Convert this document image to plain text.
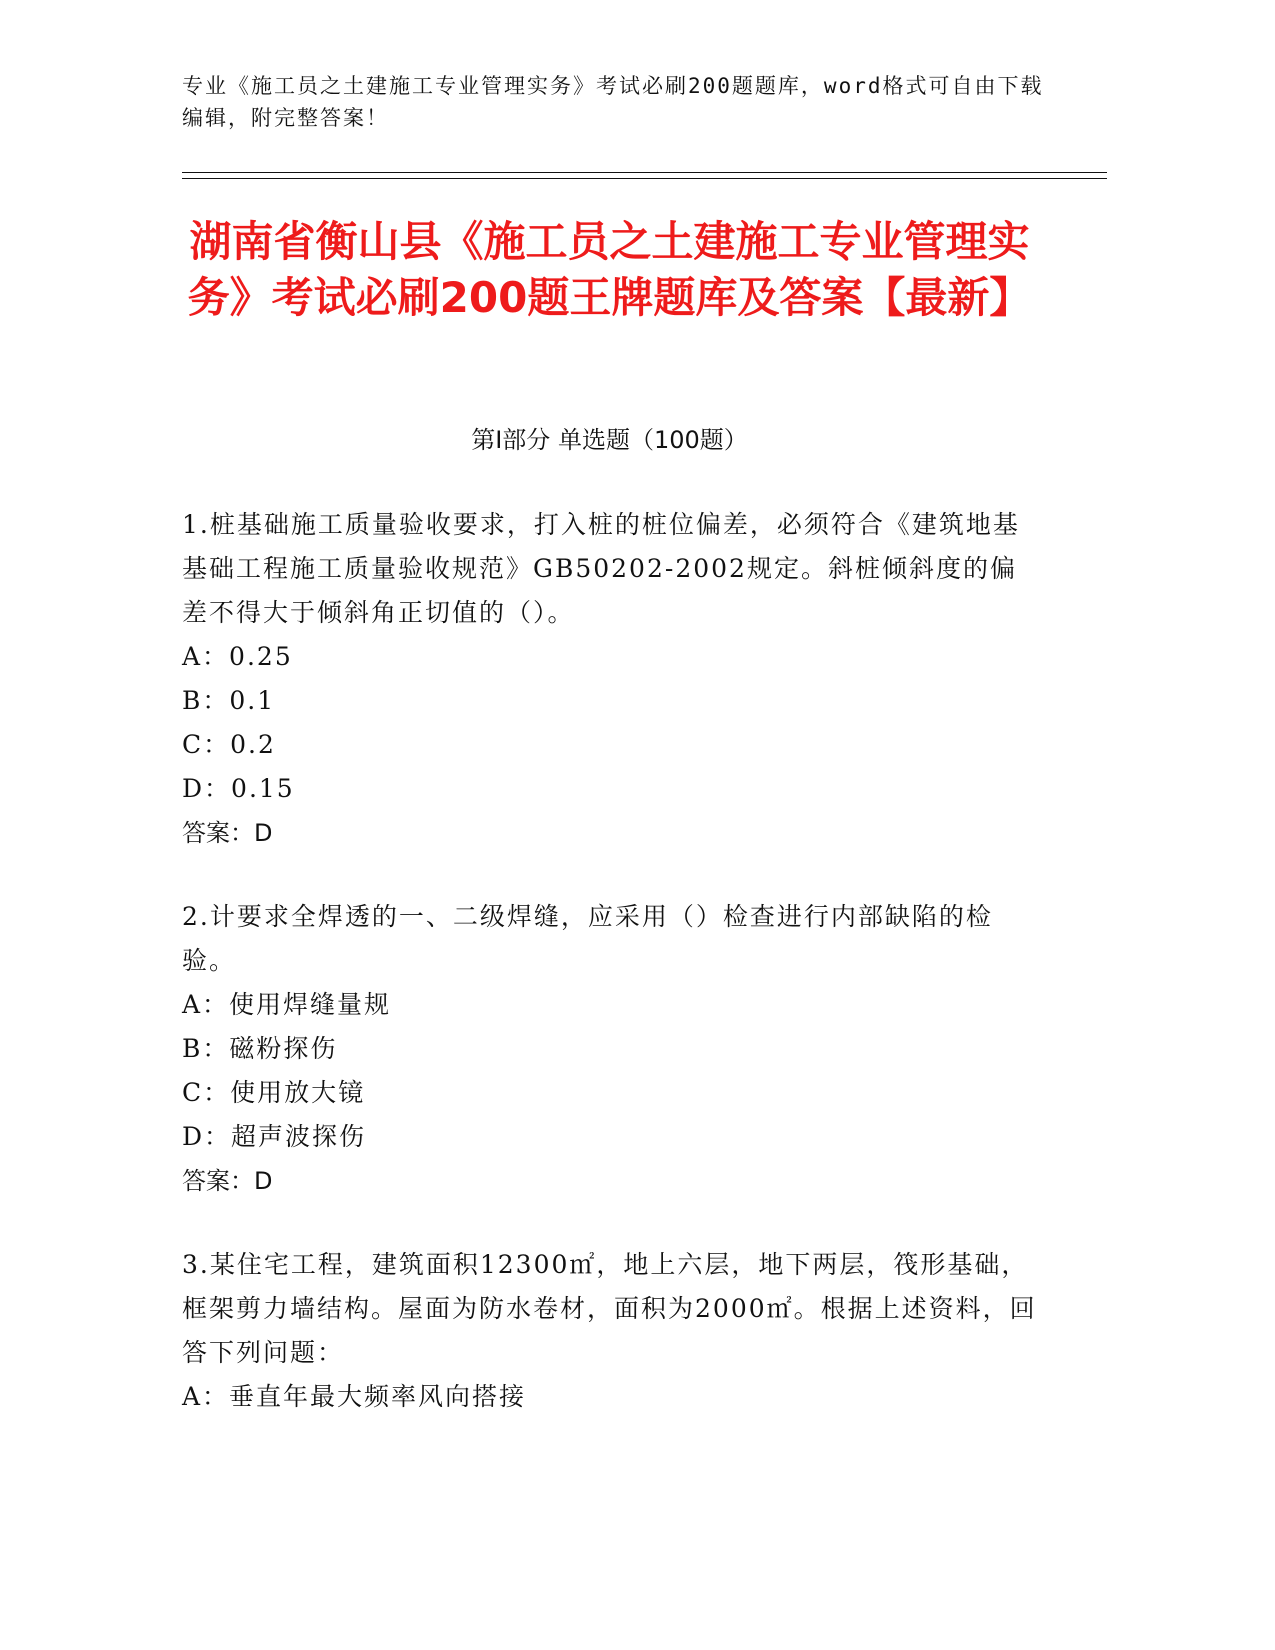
专业《施工员之土建施工专业管理实务》考试必刷200题题库，word格式可自由下载编辑，附完整答案！
湖南省衡山县《施工员之土建施工专业管理实务》考试必刷200题王牌题库及答案【最新】
第Ⅰ部分 单选题（100题）
1.桩基础施工质量验收要求，打入桩的桩位偏差，必须符合《建筑地基基础工程施工质量验收规范》GB50202-2002规定。斜桩倾斜度的偏差不得大于倾斜角正切值的（）。
A：0.25
B：0.1
C：0.2
D：0.15
答案：D
2.计要求全焊透的一、二级焊缝，应采用（）检查进行内部缺陷的检验。
A：使用焊缝量规
B：磁粉探伤
C：使用放大镜
D：超声波探伤
答案：D
3.某住宅工程，建筑面积12300㎡，地上六层，地下两层，筏形基础，框架剪力墙结构。屋面为防水卷材，面积为2000㎡。根据上述资料，回答下列问题：
A：垂直年最大频率风向搭接
